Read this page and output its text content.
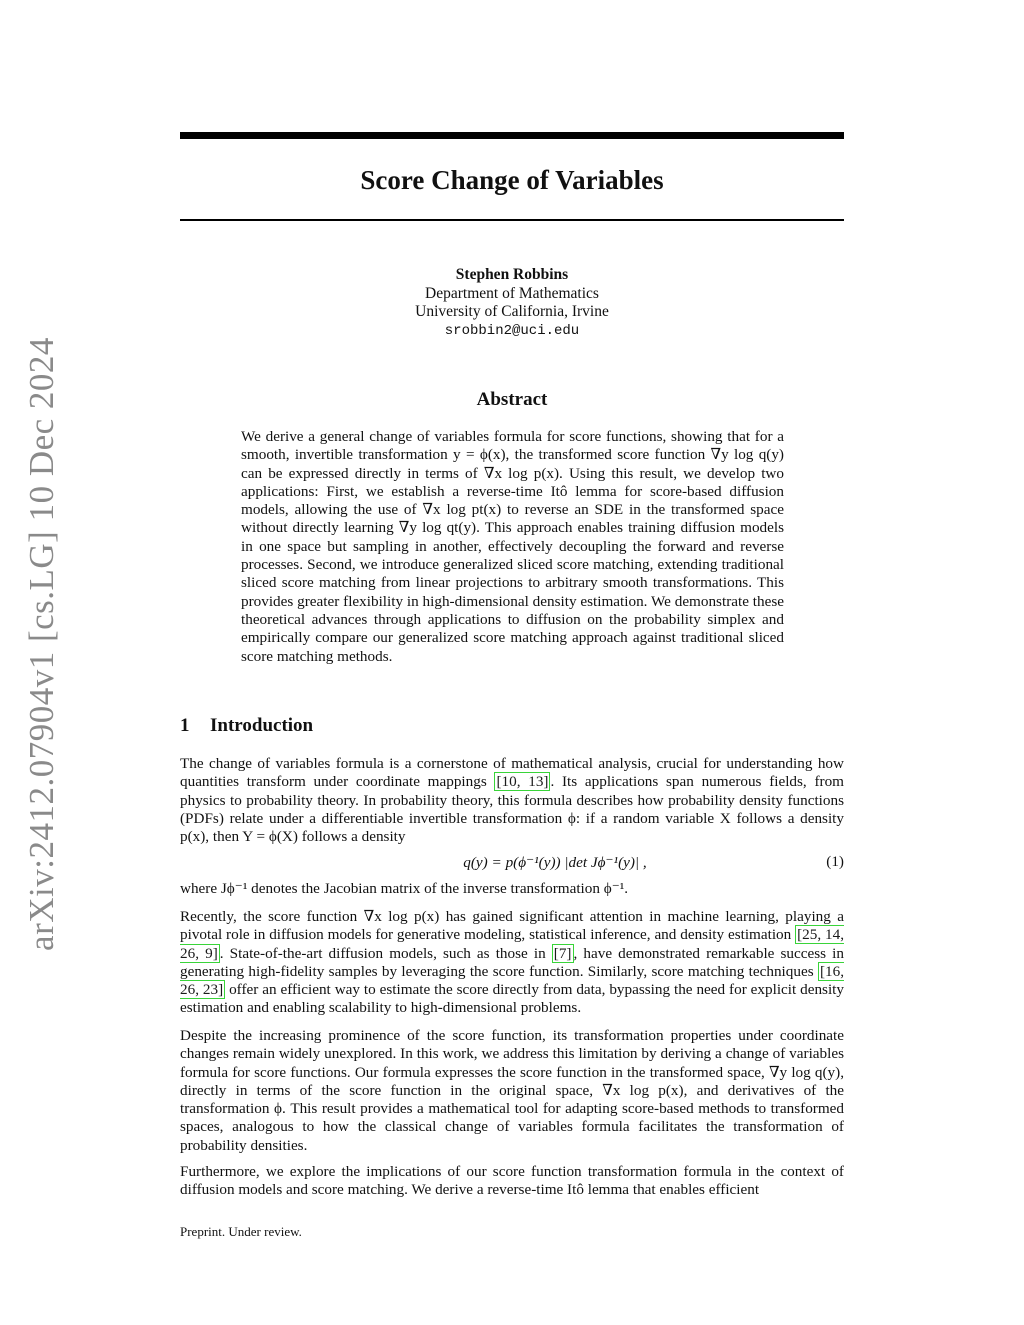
arXiv:2412.07904v1 [cs.LG] 10 Dec 2024
Score Change of Variables
Stephen Robbins
Department of Mathematics
University of California, Irvine
srobbin2@uci.edu
Abstract
We derive a general change of variables formula for score functions, showing that for a smooth, invertible transformation y = ϕ(x), the transformed score function ∇y log q(y) can be expressed directly in terms of ∇x log p(x). Using this result, we develop two applications: First, we establish a reverse-time Itô lemma for score-based diffusion models, allowing the use of ∇x log pt(x) to reverse an SDE in the transformed space without directly learning ∇y log qt(y). This approach enables training diffusion models in one space but sampling in another, effectively decoupling the forward and reverse processes. Second, we introduce generalized sliced score matching, extending traditional sliced score matching from linear projections to arbitrary smooth transformations. This provides greater flexibility in high-dimensional density estimation. We demonstrate these theoretical advances through applications to diffusion on the probability simplex and empirically compare our generalized score matching approach against traditional sliced score matching methods.
1 Introduction
The change of variables formula is a cornerstone of mathematical analysis, crucial for understanding how quantities transform under coordinate mappings [10, 13] . Its applications span numerous fields, from physics to probability theory. In probability theory, this formula describes how probability density functions (PDFs) relate under a differentiable invertible transformation ϕ: if a random variable X follows a density p(x), then Y = ϕ(X) follows a density
q(y) = p(ϕ⁻¹(y)) |det Jϕ⁻¹(y)| ,	(1)
where Jϕ⁻¹ denotes the Jacobian matrix of the inverse transformation ϕ⁻¹.
Recently, the score function ∇x log p(x) has gained significant attention in machine learning, playing a pivotal role in diffusion models for generative modeling, statistical inference, and density estimation [25, 14, 26, 9] . State-of-the-art diffusion models, such as those in [7] , have demonstrated remarkable success in generating high-fidelity samples by leveraging the score function. Similarly, score matching techniques [16, 26, 23] offer an efficient way to estimate the score directly from data, bypassing the need for explicit density estimation and enabling scalability to high-dimensional problems.
Despite the increasing prominence of the score function, its transformation properties under coordinate changes remain widely unexplored. In this work, we address this limitation by deriving a change of variables formula for score functions. Our formula expresses the score function in the transformed space, ∇y log q(y), directly in terms of the score function in the original space, ∇x log p(x), and derivatives of the transformation ϕ. This result provides a mathematical tool for adapting score-based methods to transformed spaces, analogous to how the classical change of variables formula facilitates the transformation of probability densities.
Furthermore, we explore the implications of our score function transformation formula in the context of diffusion models and score matching. We derive a reverse-time Itô lemma that enables efficient
Preprint. Under review.
